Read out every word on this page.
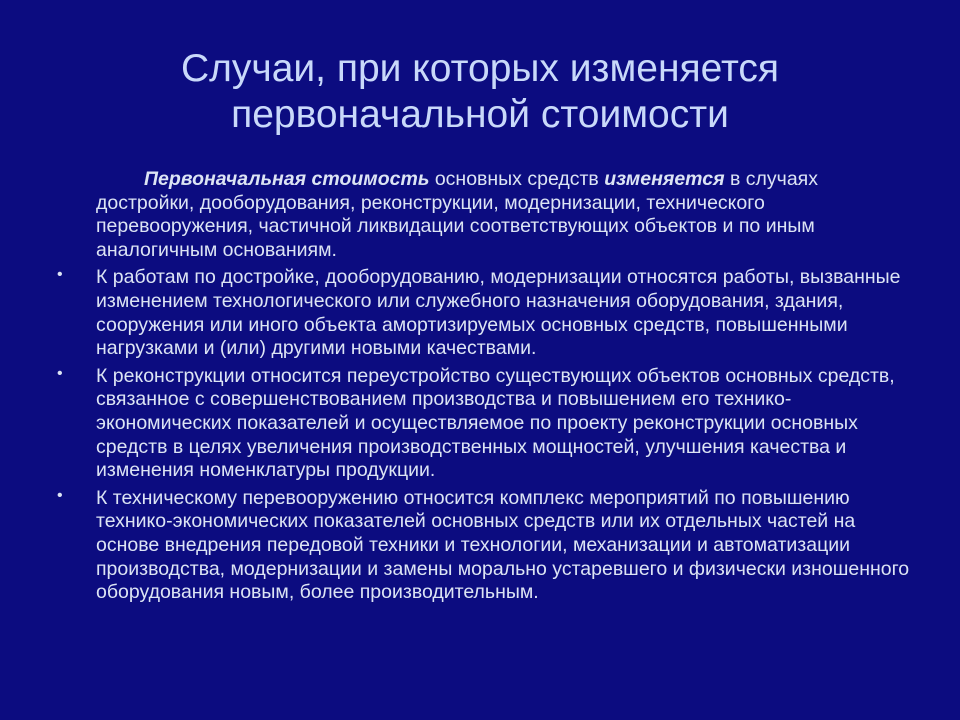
Случаи, при которых изменяется
первоначальной стоимости

Первоначальная стоимость основных средств изменяется в случаях достройки, дооборудования, реконструкции, модернизации, технического перевооружения, частичной ликвидации соответствующих объектов и по иным аналогичным основаниям.

• К работам по достройке, дооборудованию, модернизации относятся работы, вызванные изменением технологического или служебного назначения оборудования, здания, сооружения или иного объекта амортизируемых основных средств, повышенными нагрузками и (или) другими новыми качествами.
• К реконструкции относится переустройство существующих объектов основных средств, связанное с совершенствованием производства и повышением его технико-экономических показателей и осуществляемое по проекту реконструкции основных средств в целях увеличения производственных мощностей, улучшения качества и изменения номенклатуры продукции.
• К техническому перевооружению относится комплекс мероприятий по повышению технико-экономических показателей основных средств или их отдельных частей на основе внедрения передовой техники и технологии, механизации и автоматизации производства, модернизации и замены морально устаревшего и физически изношенного оборудования новым, более производительным.
